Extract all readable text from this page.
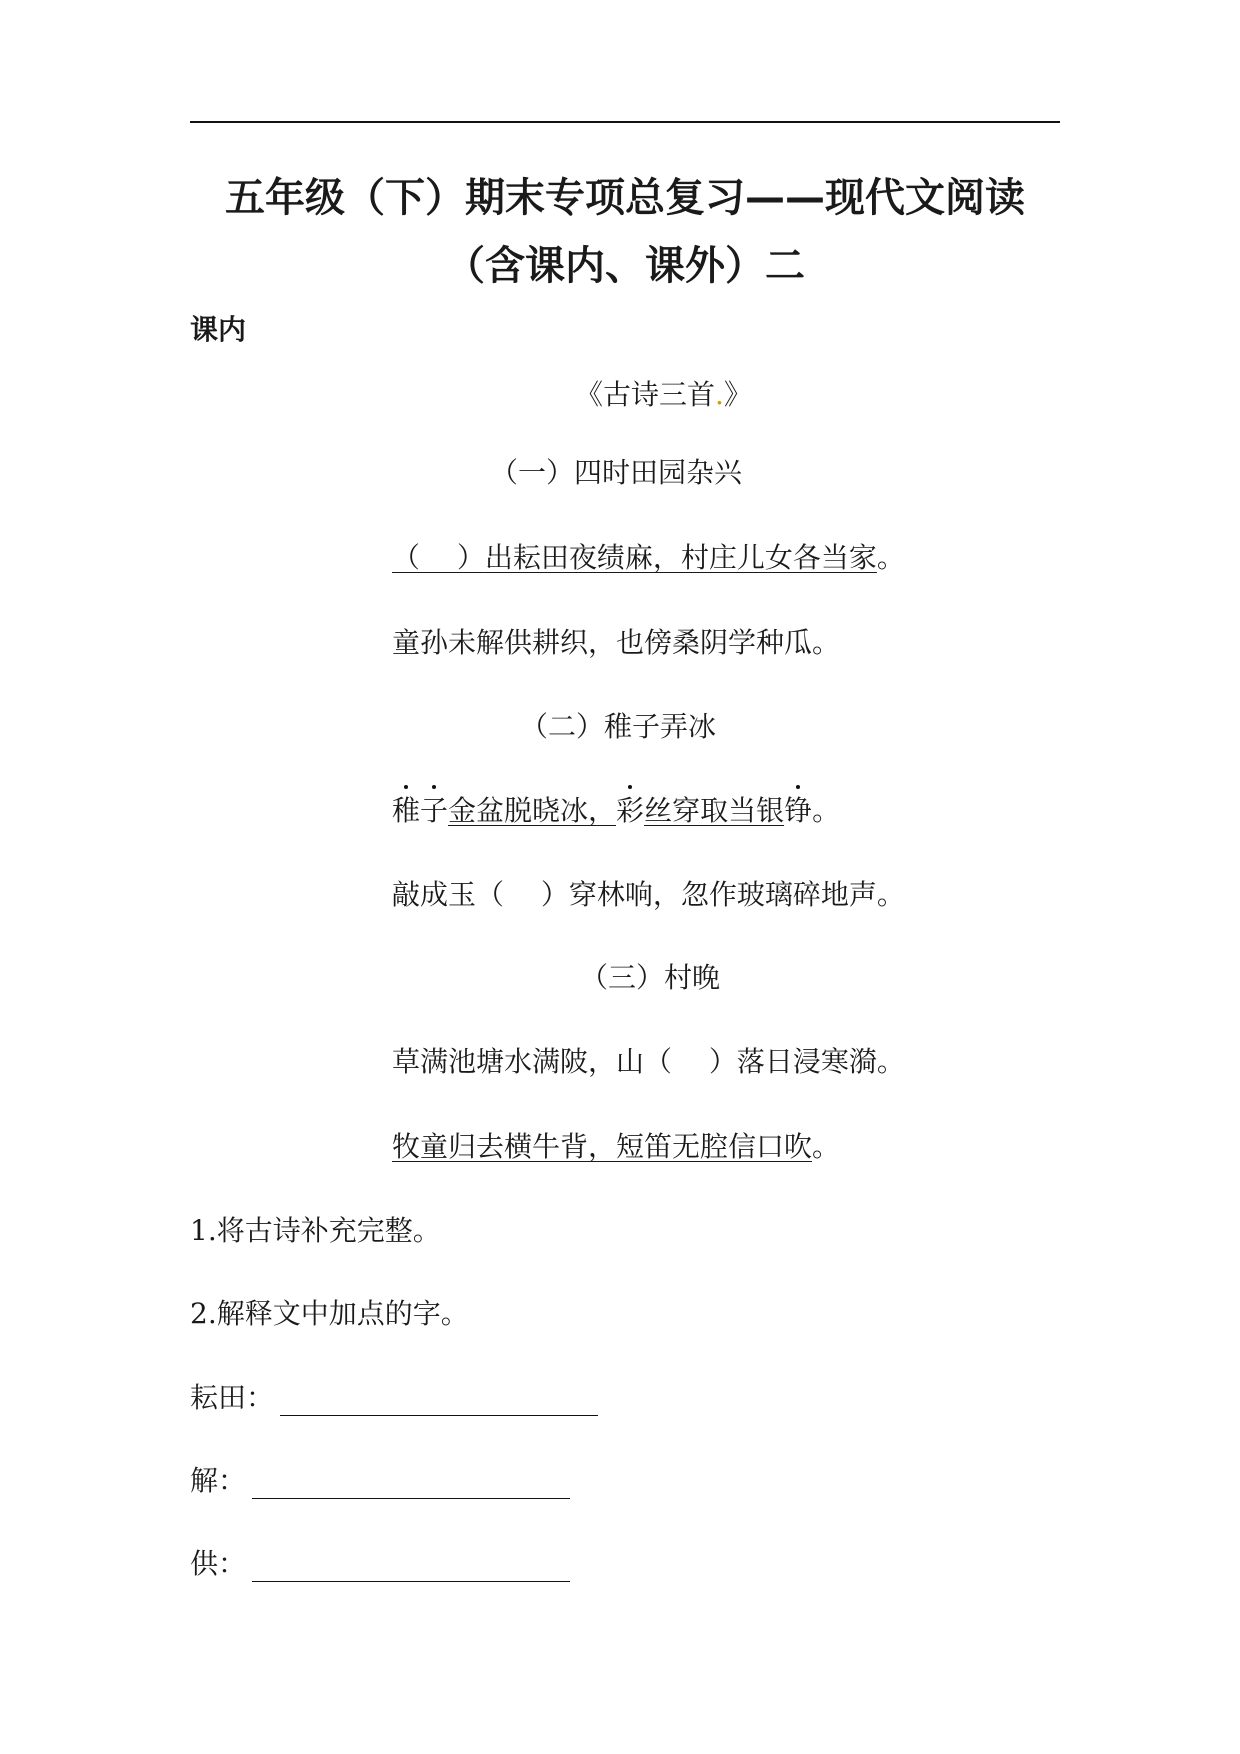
五年级（下）期末专项总复习——现代文阅读（含课内、课外）二

课内

《古诗三首.》

（一）四时田园杂兴

（　 ）出耘田夜绩麻，村庄儿女各当家。

童孙未解供耕织，也傍桑阴学种瓜。

（二）稚子弄冰

稚子金盆脱晓冰，彩丝穿取当银铮。

敲成玉（　 ）穿林响，忽作玻璃碎地声。

（三）村晚

草满池塘水满陂，山（　 ）落日浸寒漪。

牧童归去横牛背，短笛无腔信口吹。

1.将古诗补充完整。

2.解释文中加点的字。

耘田：

解：

供：
